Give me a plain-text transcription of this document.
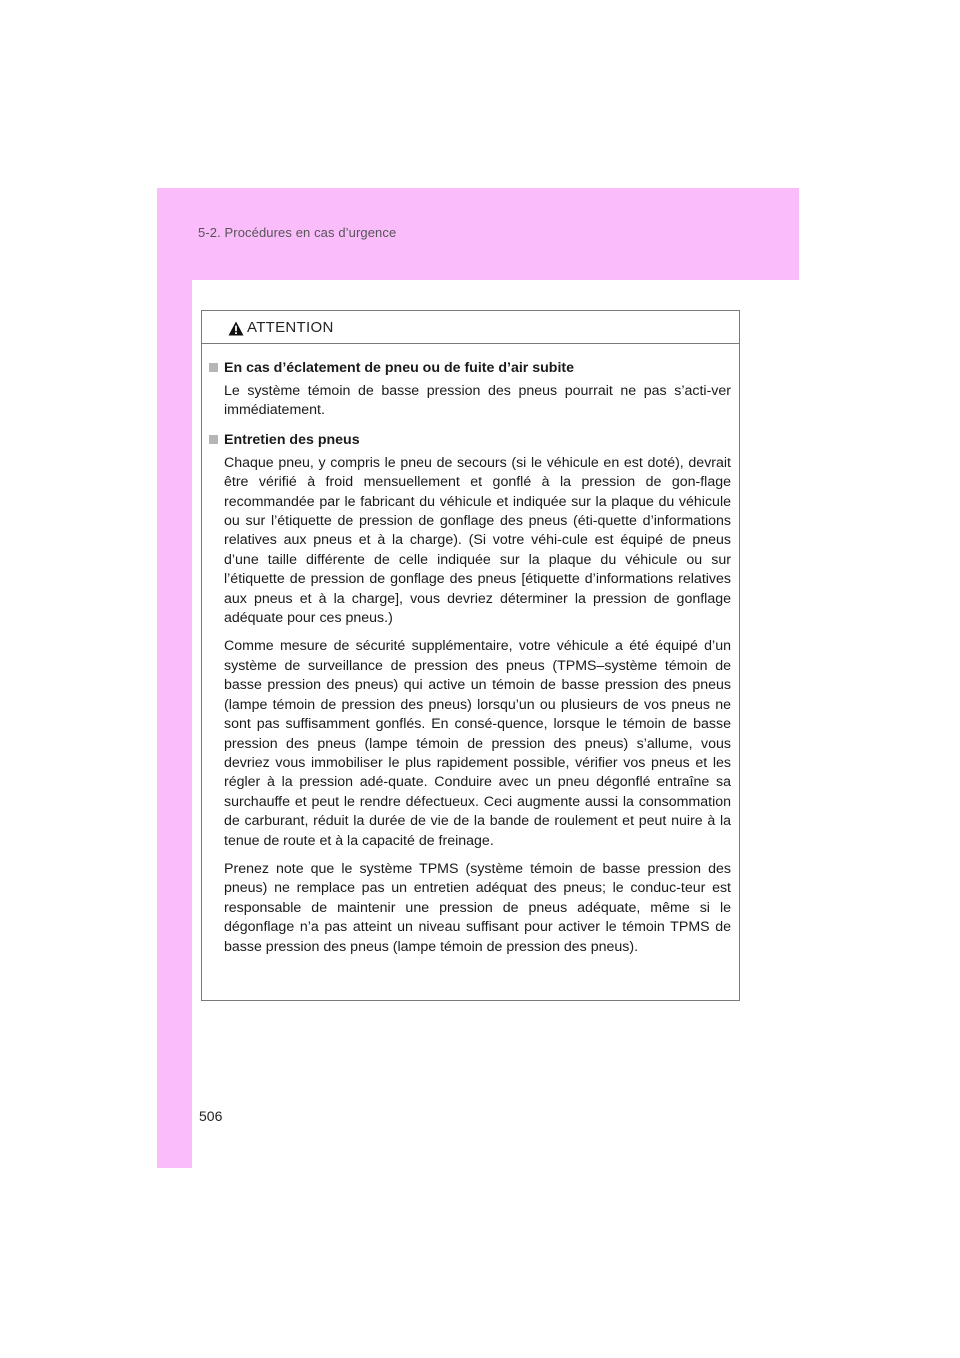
5-2. Procédures en cas d’urgence
ATTENTION
En cas d’éclatement de pneu ou de fuite d’air subite

Le système témoin de basse pression des pneus pourrait ne pas s’acti-ver immédiatement.

Entretien des pneus

Chaque pneu, y compris le pneu de secours (si le véhicule en est doté), devrait être vérifié à froid mensuellement et gonflé à la pression de gon-flage recommandée par le fabricant du véhicule et indiquée sur la plaque du véhicule ou sur l’étiquette de pression de gonflage des pneus (éti-quette d’informations relatives aux pneus et à la charge). (Si votre véhi-cule est équipé de pneus d’une taille différente de celle indiquée sur la plaque du véhicule ou sur l’étiquette de pression de gonflage des pneus [étiquette d’informations relatives aux pneus et à la charge], vous devriez déterminer la pression de gonflage adéquate pour ces pneus.)

Comme mesure de sécurité supplémentaire, votre véhicule a été équipé d’un système de surveillance de pression des pneus (TPMS–système témoin de basse pression des pneus) qui active un témoin de basse pression des pneus (lampe témoin de pression des pneus) lorsqu’un ou plusieurs de vos pneus ne sont pas suffisamment gonflés. En consé-quence, lorsque le témoin de basse pression des pneus (lampe témoin de pression des pneus) s’allume, vous devriez vous immobiliser le plus rapidement possible, vérifier vos pneus et les régler à la pression adé-quate. Conduire avec un pneu dégonflé entraîne sa surchauffe et peut le rendre défectueux. Ceci augmente aussi la consommation de carburant, réduit la durée de vie de la bande de roulement et peut nuire à la tenue de route et à la capacité de freinage.

Prenez note que le système TPMS (système témoin de basse pression des pneus) ne remplace pas un entretien adéquat des pneus; le conduc-teur est responsable de maintenir une pression de pneus adéquate, même si le dégonflage n’a pas atteint un niveau suffisant pour activer le témoin TPMS de basse pression des pneus (lampe témoin de pression des pneus).

506
